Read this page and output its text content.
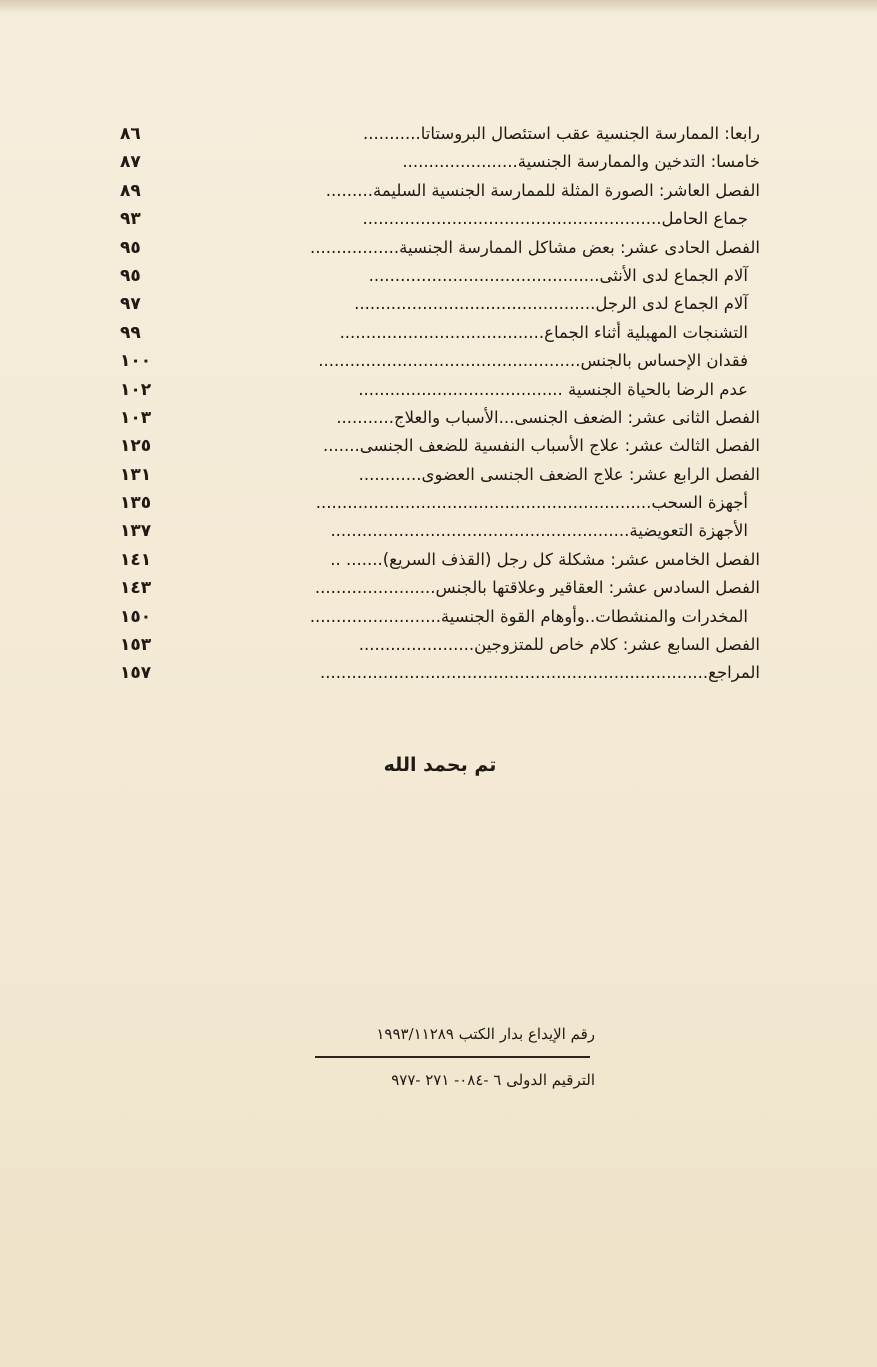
رابعا: الممارسة الجنسية عقب استئصال البروستاتا...........
٨٦
خامسا: التدخين والممارسة الجنسية......................
٨٧
الفصل العاشر: الصورة المثلة للممارسة الجنسية السليمة.........
٨٩
جماع الحامل.........................................................
٩٣
الفصل الحادى عشر: بعض مشاكل الممارسة الجنسية.................
٩٥
آلام الجماع لدى الأنثى............................................
٩٥
آلام الجماع لدى الرجل..............................................
٩٧
التشنجات المهبلية أثناء الجماع.......................................
٩٩
فقدان الإحساس بالجنس..................................................
١٠٠
عدم الرضا بالحياة الجنسية .......................................
١٠٢
الفصل الثانى عشر: الضعف الجنسى...الأسباب والعلاج...........
١٠٣
الفصل الثالث عشر: علاج الأسباب النفسية للضعف الجنسى.......
١٢٥
الفصل الرابع عشر: علاج الضعف الجنسى العضوى............
١٣١
أجهزة السحب................................................................
١٣٥
الأجهزة التعويضية.........................................................
١٣٧
الفصل الخامس عشر: مشكلة كل رجل (القذف السريع)....... ..
١٤١
الفصل السادس عشر: العقاقير وعلاقتها بالجنس.......................
١٤٣
المخدرات والمنشطات..وأوهام القوة الجنسية.........................
١٥٠
الفصل السابع عشر: كلام خاص للمتزوجين......................
١٥٣
المراجع..........................................................................
١٥٧
تم بحمد الله
رقم الإيداع بدار الكتب ١٩٩٣/١١٢٨٩
الترقيم الدولى ٦ -٠٨٤- ٢٧١ -٩٧٧
